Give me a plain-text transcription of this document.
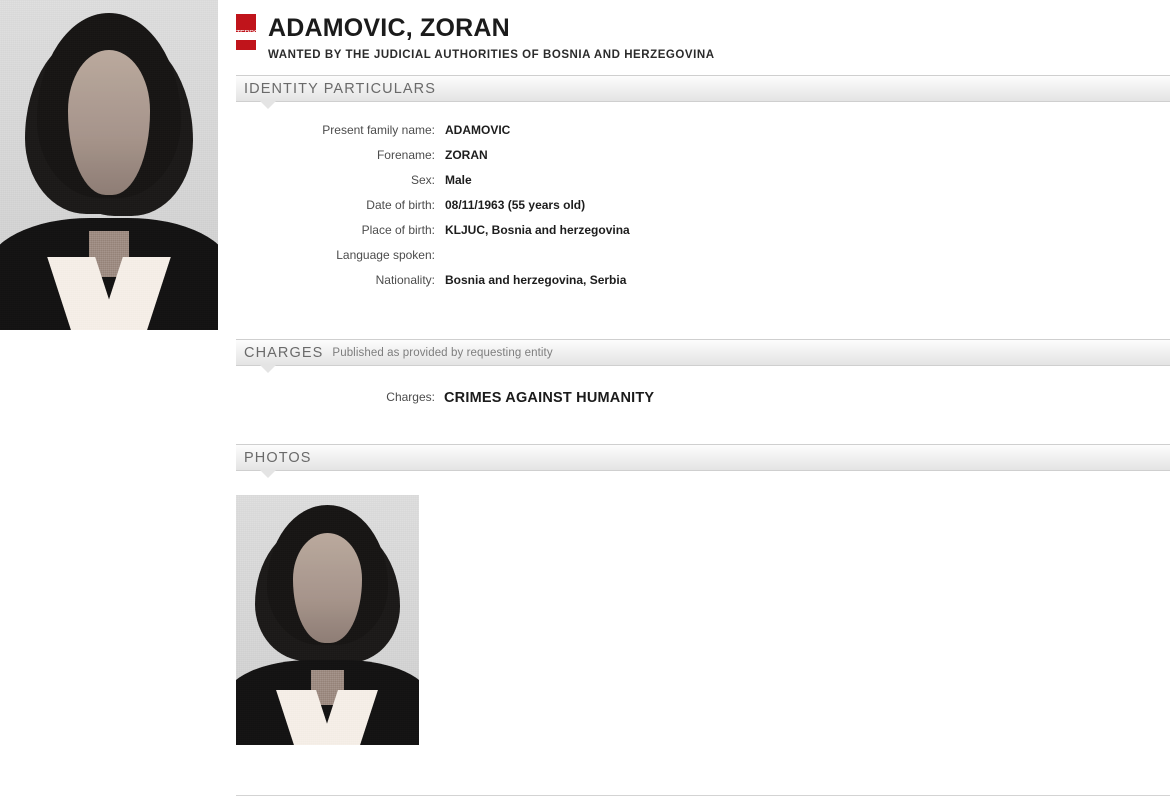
INTERPOL ADAMOVIC, ZORAN
WANTED BY THE JUDICIAL AUTHORITIES OF BOSNIA AND HERZEGOVINA
IDENTITY PARTICULARS
Present family name:	ADAMOVIC
Forename:	ZORAN
Sex:	Male
Date of birth:	08/11/1963 (55 years old)
Place of birth:	KLJUC, Bosnia and herzegovina
Language spoken:	
Nationality:	Bosnia and herzegovina, Serbia
CHARGES Published as provided by requesting entity
Charges: CRIMES AGAINST HUMANITY
PHOTOS
